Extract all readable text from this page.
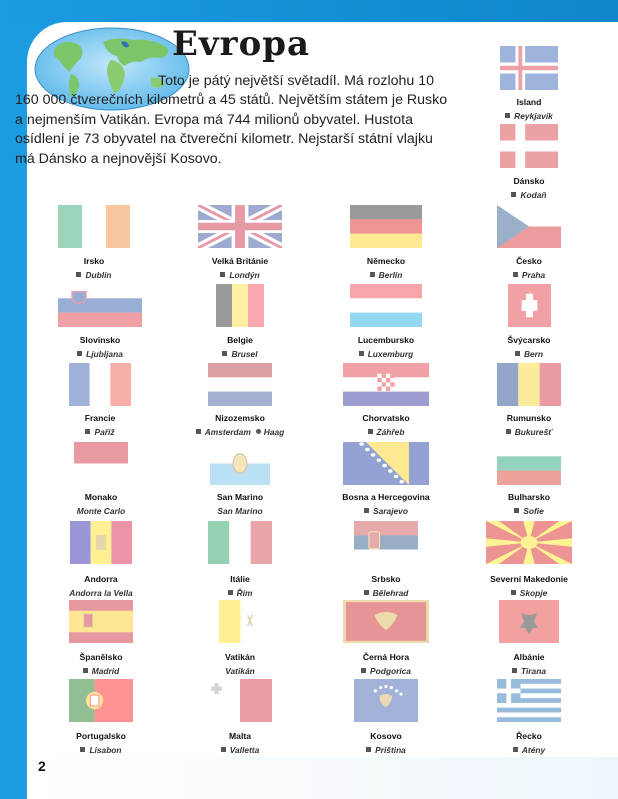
Evropa

Toto je pátý největší světadíl. Má rozlohu 10 160 000 čtverečních kilometrů a 45 států. Největším státem je Rusko a nejmenším Vatikán. Evropa má 744 milionů obyvatel. Hustota osídlení je 73 obyvatel na čtvereční kilometr. Nejstarší státní vlajku má Dánsko a nejnovější Kosovo.

Island
Reykjavík
Dánsko
Kodaň
Irsko
Dublin
Velká Británie
Londýn
Německo
Berlín
Česko
Praha
Slovinsko
Ljubljana
Belgie
Brusel
Lucembursko
Luxemburg
Švýcarsko
Bern
Francie
Paříž
Nizozemsko
Amsterdam Haag
Chorvatsko
Záhřeb
Rumunsko
Bukurešť
Monako
Monte Carlo
San Marino
San Marino
Bosna a Hercegovina
Sarajevo
Bulharsko
Sofie
Andorra
Andorra la Vella
Itálie
Řím
Srbsko
Bělehrad
Severní Makedonie
Skopje
Španělsko
Madrid
Vatikán
Vatikán
Černá Hora
Podgorica
Albánie
Tirana
Portugalsko
Lisabon
Malta
Valletta
Kosovo
Priština
Řecko
Atény
2
